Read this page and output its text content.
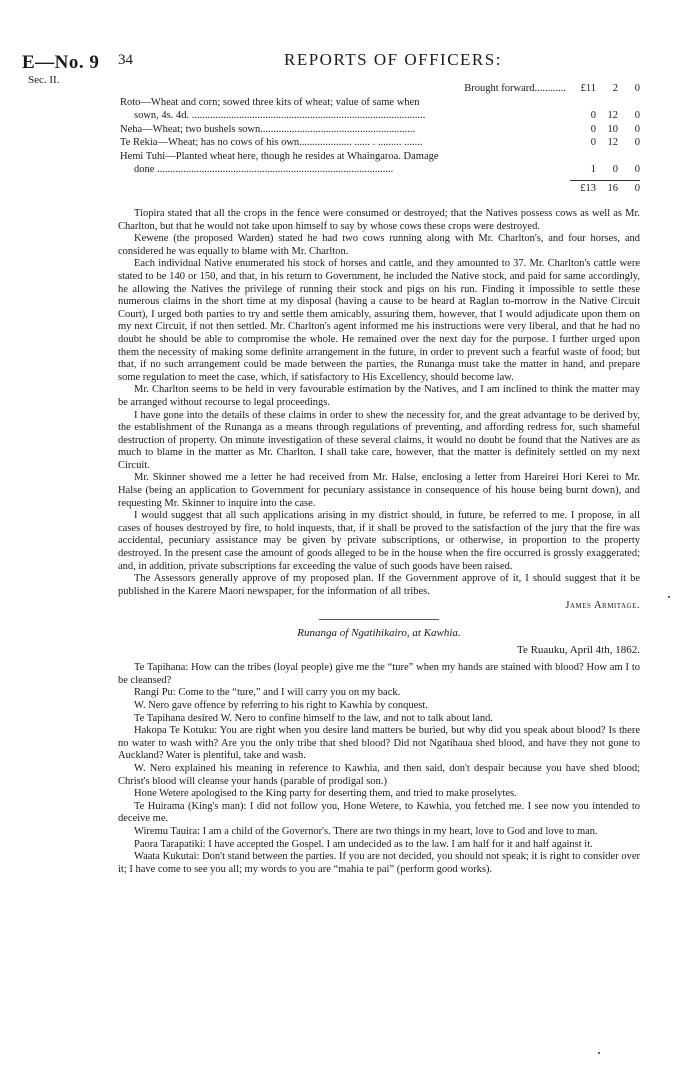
E—No. 9
Sec. II.
34	REPORTS OF OFFICERS:
Brought forward............	£11	2	0
Roto—Wheat and corn; sowed three kits of wheat; value of same when
sown, 4s. 4d. .........................................................................................	0	12	0
Neha—Wheat; two bushels sown...........................................................	0	10	0
Te Rekia—Wheat; has no cows of his own.................... ...... . ......... .......	0	12	0
Hemi Tuhi—Planted wheat here, though he resides at Whaingaroa. Damage
done ..........................................................................................	1	0	0
£13	16	0

Tiopira stated that all the crops in the fence were consumed or destroyed; that the Natives possess cows as well as Mr. Charlton, but that he would not take upon himself to say by whose cows these crops were destroyed.

Kewene (the proposed Warden) stated he had two cows running along with Mr. Charlton's, and four horses, and considered he was equally to blame with Mr. Charlton.

Each individual Native enumerated his stock of horses and cattle, and they amounted to 37. Mr. Charlton's cattle were stated to be 140 or 150, and that, in his return to Government, he included the Native stock, and paid for same accordingly, he allowing the Natives the privilege of running their stock and pigs on his run. Finding it impossible to settle these numerous claims in the short time at my disposal (having a cause to be heard at Raglan to-morrow in the Native Circuit Court), I urged both parties to try and settle them amicably, assuring them, however, that I would adjudicate upon them on my next Circuit, if not then settled. Mr. Charlton's agent informed me his instructions were very liberal, and that he had no doubt he should be able to compromise the whole. He remained over the next day for the purpose. I further urged upon them the necessity of making some definite arrangement in the future, in order to prevent such a fearful waste of food; but that, if no such arrangement could be made between the parties, the Runanga must take the matter in hand, and prepare some regulation to meet the case, which, if satisfactory to His Excellency, should become law.

Mr. Charlton seems to be held in very favourable estimation by the Natives, and I am inclined to think the matter may be arranged without recourse to legal proceedings.

I have gone into the details of these claims in order to shew the necessity for, and the great advantage to be derived by, the establishment of the Runanga as a means through regulations of preventing, and affording redress for, such shameful destruction of property. On minute investigation of these several claims, it would no doubt be found that the Natives are as much to blame in the matter as Mr. Charlton. I shall take care, however, that the matter is definitely settled on my next Circuit.

Mr. Skinner showed me a letter he had received from Mr. Halse, enclosing a letter from Hareirei Hori Kerei to Mr. Halse (being an application to Government for pecuniary assistance in consequence of his house being burnt down), and requesting Mr. Skinner to inquire into the case.

I would suggest that all such applications arising in my district should, in future, be referred to me. I propose, in all cases of houses destroyed by fire, to hold inquests, that, if it shall be proved to the satisfaction of the jury that the fire was accidental, pecuniary assistance may be given by private subscriptions, or otherwise, in proportion to the property destroyed. In the present case the amount of goods alleged to be in the house when the fire occurred is grossly exaggerated; and, in addition, private subscriptions far exceeding the value of such goods have been raised.

The Assessors generally approve of my proposed plan. If the Government approve of it, I should suggest that it be published in the Karere Maori newspaper, for the information of all tribes.

James Armitage.
Runanga of Ngatihikairo, at Kawhia.
Te Ruauku, April 4th, 1862.

Te Tapihana: How can the tribes (loyal people) give me the “ture” when my hands are stained with blood? How am I to be cleansed?

Rangi Pu: Come to the “ture,” and I will carry you on my back.

W. Nero gave offence by referring to his right to Kawhia by conquest.

Te Tapihana desired W. Nero to confine himself to the law, and not to talk about land.

Hakopa Te Kotuku: You are right when you desire land matters be buried, but why did you speak about blood? Is there no water to wash with? Are you the only tribe that shed blood? Did not Ngatihaua shed blood, and have they not gone to Auckland? Water is plentiful, take and wash.

W. Nero explained his meaning in reference to Kawhia, and then said, don't despair because you have shed blood; Christ's blood will cleanse your hands (parable of prodigal son.)

Hone Wetere apologised to the King party for deserting them, and tried to make proselytes.

Te Huirama (King's man): I did not follow you, Hone Wetere, to Kawhia, you fetched me. I see now you intended to deceive me.

Wiremu Tauira: I am a child of the Governor's. There are two things in my heart, love to God and love to man.

Paora Tarapatiki: I have accepted the Gospel. I am undecided as to the law. I am half for it and half against it.

Waata Kukutai: Don't stand between the parties. If you are not decided, you should not speak; it is right to consider over it; I have come to see you all; my words to you are “mahia te pai” (perform good works).
